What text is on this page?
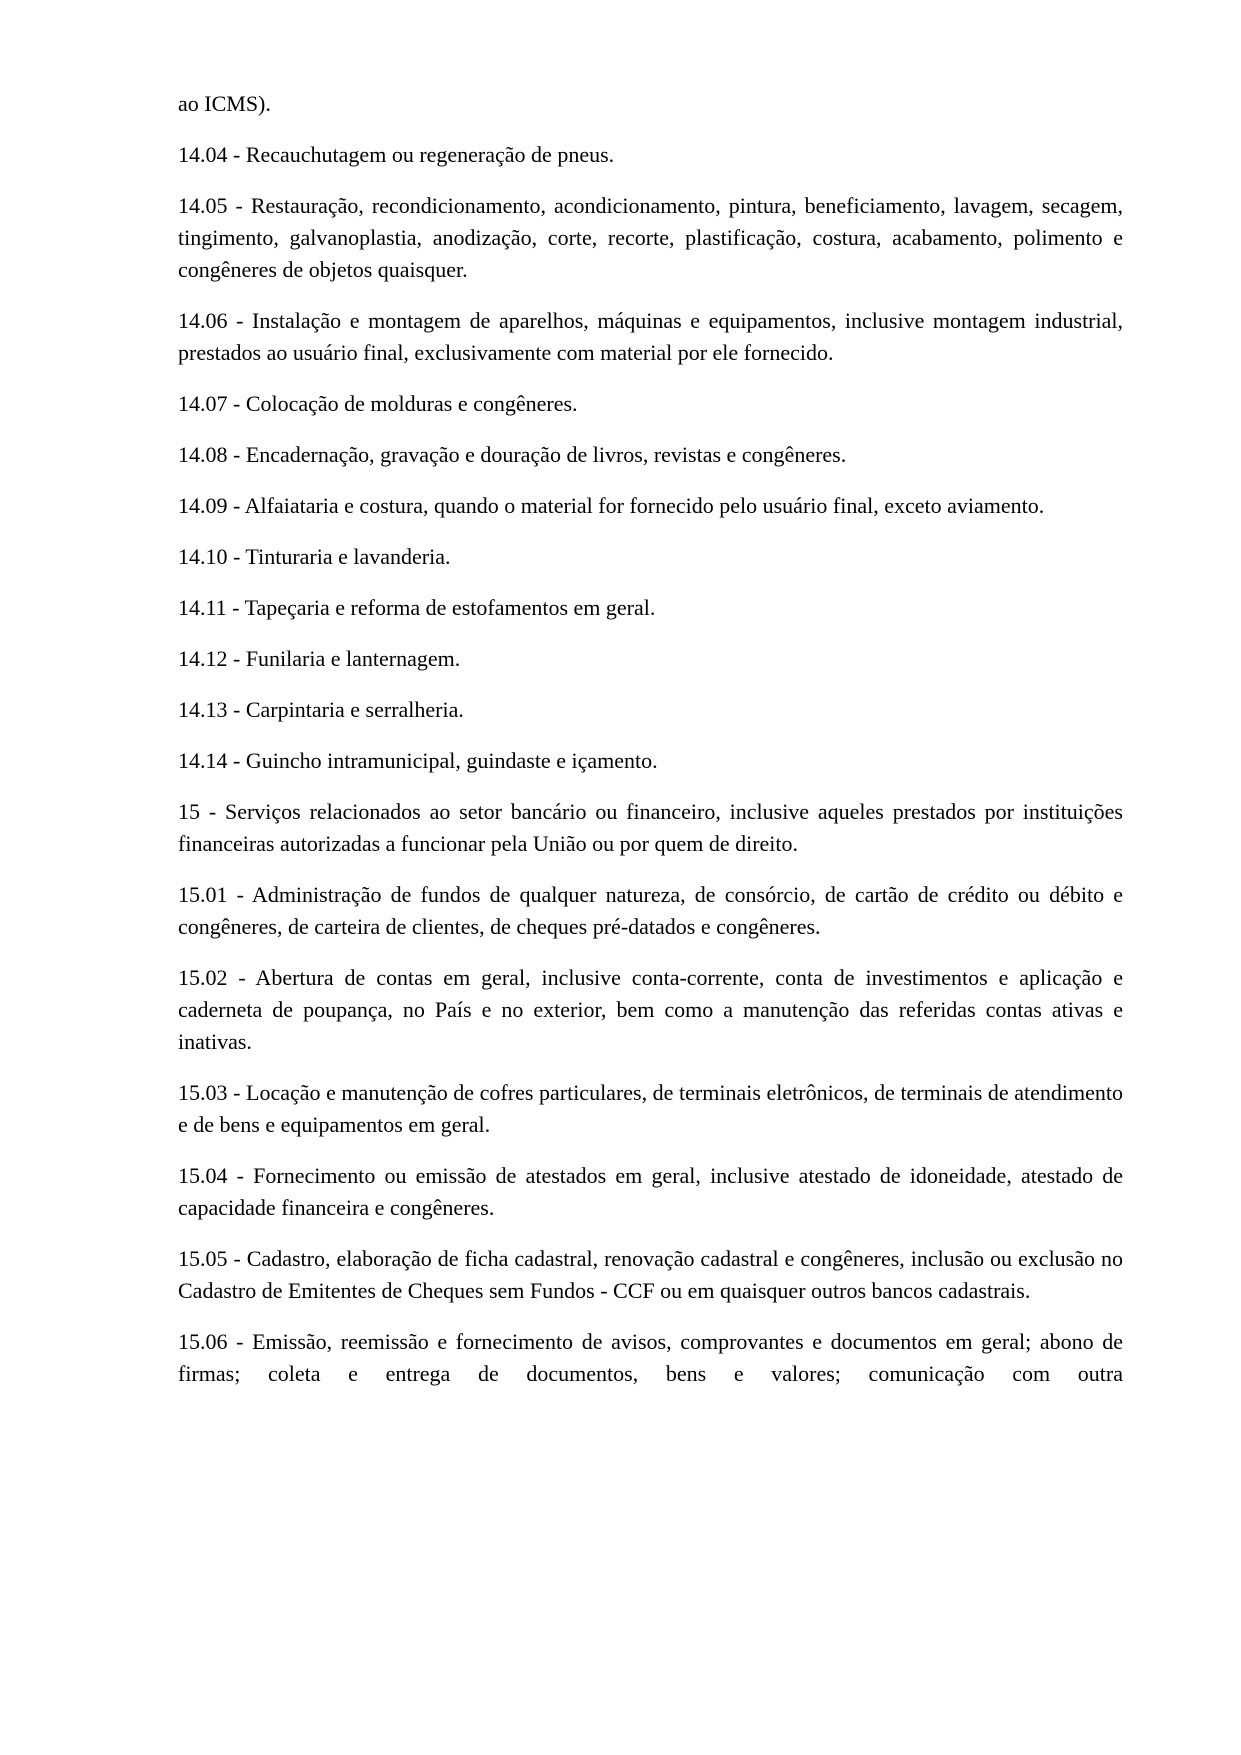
ao ICMS).

14.04 - Recauchutagem ou regeneração de pneus.

14.05 - Restauração, recondicionamento, acondicionamento, pintura, beneficiamento, lavagem, secagem, tingimento, galvanoplastia, anodização, corte, recorte, plastificação, costura, acabamento, polimento e congêneres de objetos quaisquer.

14.06 - Instalação e montagem de aparelhos, máquinas e equipamentos, inclusive montagem industrial, prestados ao usuário final, exclusivamente com material por ele fornecido.

14.07 - Colocação de molduras e congêneres.

14.08 - Encadernação, gravação e douração de livros, revistas e congêneres.

14.09 - Alfaiataria e costura, quando o material for fornecido pelo usuário final, exceto aviamento.

14.10 - Tinturaria e lavanderia.

14.11 - Tapeçaria e reforma de estofamentos em geral.

14.12 - Funilaria e lanternagem.

14.13 - Carpintaria e serralheria.

14.14 - Guincho intramunicipal, guindaste e içamento.

15 - Serviços relacionados ao setor bancário ou financeiro, inclusive aqueles prestados por instituições financeiras autorizadas a funcionar pela União ou por quem de direito.

15.01 - Administração de fundos de qualquer natureza, de consórcio, de cartão de crédito ou débito e congêneres, de carteira de clientes, de cheques pré-datados e congêneres.

15.02 - Abertura de contas em geral, inclusive conta-corrente, conta de investimentos e aplicação e caderneta de poupança, no País e no exterior, bem como a manutenção das referidas contas ativas e inativas.

15.03 - Locação e manutenção de cofres particulares, de terminais eletrônicos, de terminais de atendimento e de bens e equipamentos em geral.

15.04 - Fornecimento ou emissão de atestados em geral, inclusive atestado de idoneidade, atestado de capacidade financeira e congêneres.

15.05 - Cadastro, elaboração de ficha cadastral, renovação cadastral e congêneres, inclusão ou exclusão no Cadastro de Emitentes de Cheques sem Fundos - CCF ou em quaisquer outros bancos cadastrais.

15.06 - Emissão, reemissão e fornecimento de avisos, comprovantes e documentos em geral; abono de firmas; coleta e entrega de documentos, bens e valores; comunicação com outra
